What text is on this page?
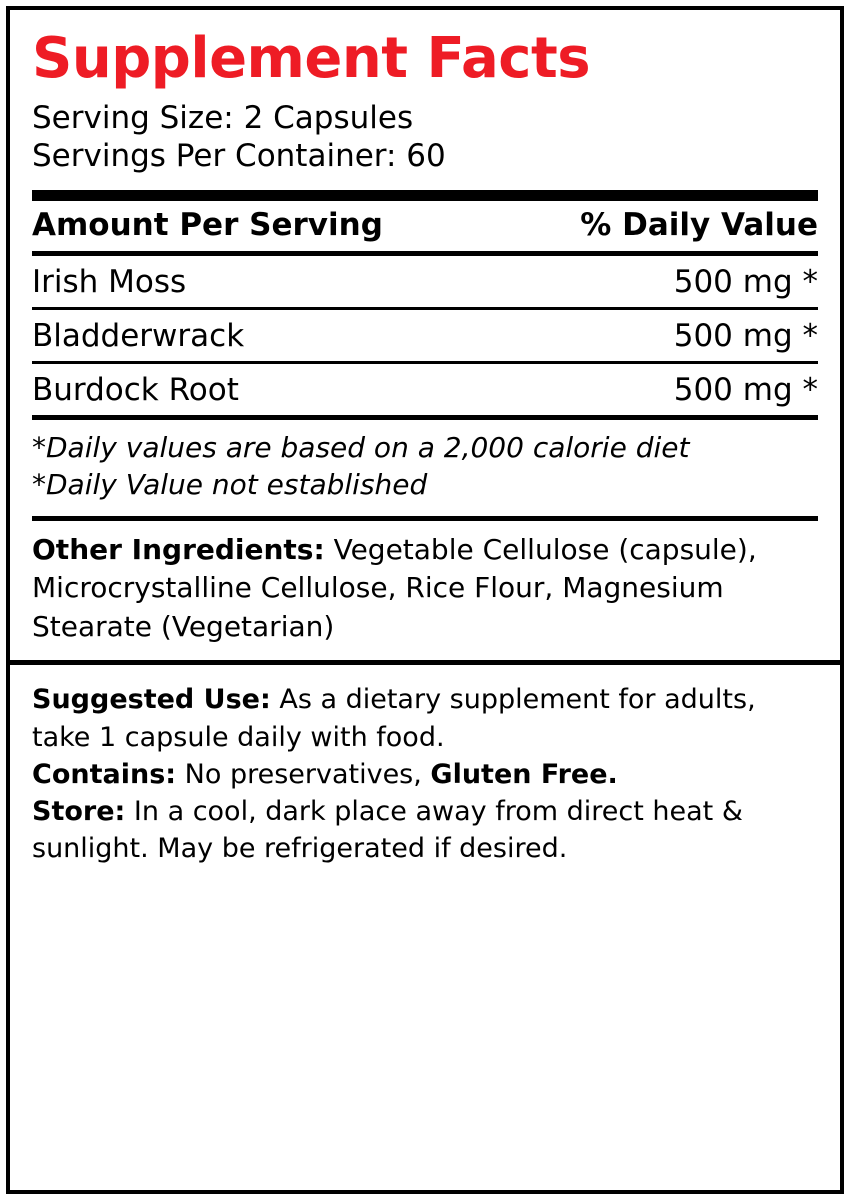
Supplement Facts
Serving Size: 2 Capsules
Servings Per Container: 60
Amount Per Serving	% Daily Value
Irish Moss	500 mg *
Bladderwrack	500 mg *
Burdock Root	500 mg *
*Daily values are based on a 2,000 calorie diet
*Daily Value not established
Other Ingredients: Vegetable Cellulose (capsule), Microcrystalline Cellulose, Rice Flour, Magnesium Stearate (Vegetarian)

Suggested Use: As a dietary supplement for adults, take 1 capsule daily with food.

Contains: No preservatives, Gluten Free.

Store: In a cool, dark place away from direct heat & sunlight. May be refrigerated if desired.
